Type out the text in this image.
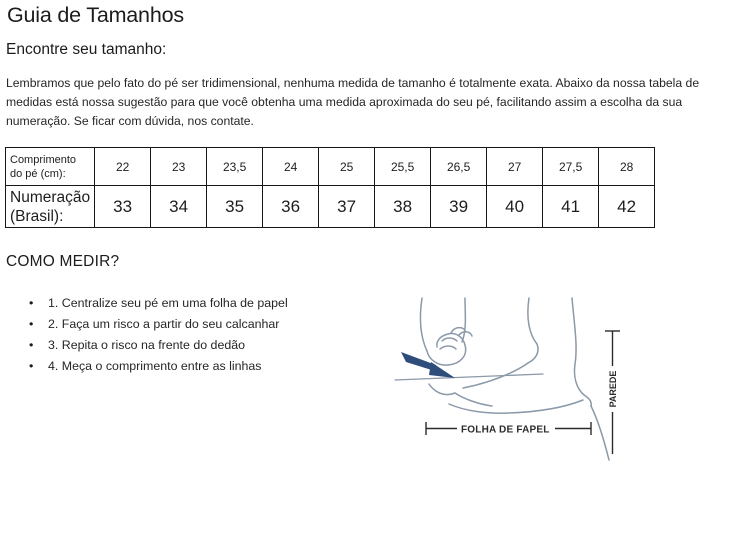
Guia de Tamanhos
Encontre seu tamanho:

Lembramos que pelo fato do pé ser tridimensional, nenhuma medida de tamanho é totalmente exata. Abaixo da nossa tabela de medidas está nossa sugestão para que você obtenha uma medida aproximada do seu pé, facilitando assim a escolha da sua numeração. Se ficar com dúvida, nos contate.

Comprimento do pé (cm):	22	23	23,5	24	25	25,5	26,5	27	27,5	28
Numeração (Brasil):	33	34	35	36	37	38	39	40	41	42
COMO MEDIR?
• 1. Centralize seu pé em uma folha de papel
• 2. Faça um risco a partir do seu calcanhar
• 3. Repita o risco na frente do dedão
• 4. Meça o comprimento entre as linhas
FOLHA DE FAPEL
PAREDE
